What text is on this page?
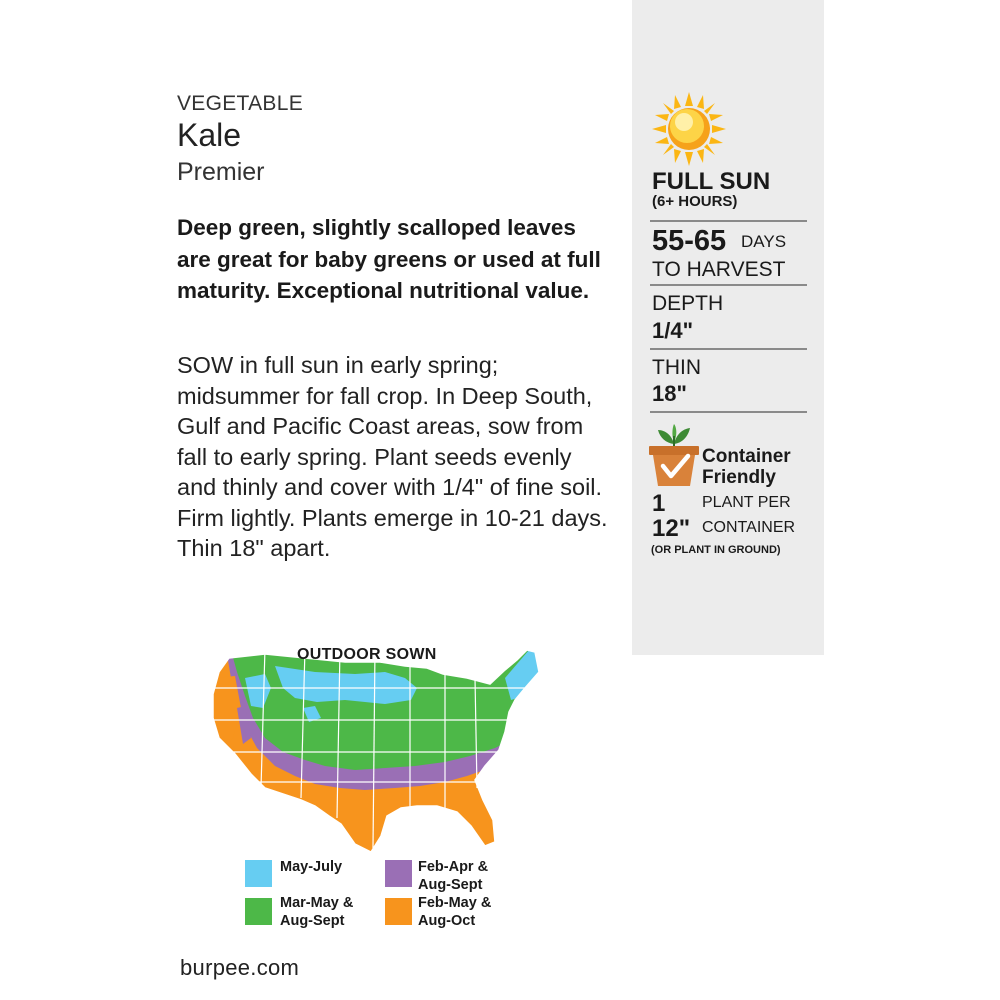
VEGETABLE
Kale
Premier
Deep green, slightly scalloped leaves are great for baby greens or used at full maturity. Exceptional nutritional value.
SOW in full sun in early spring; midsummer for fall crop. In Deep South, Gulf and Pacific Coast areas, sow from fall to early spring. Plant seeds evenly and thinly and cover with 1/4" of fine soil. Firm lightly. Plants emerge in 10-21 days. Thin 18" apart.
FULL SUN
(6+ HOURS)
55-65 DAYS
TO HARVEST
DEPTH
1/4"
THIN
18"
Container Friendly
1 PLANT PER
12" CONTAINER
(OR PLANT IN GROUND)
OUTDOOR SOWN
May-July
Mar-May & Aug-Sept
Feb-Apr & Aug-Sept
Feb-May & Aug-Oct
burpee.com
